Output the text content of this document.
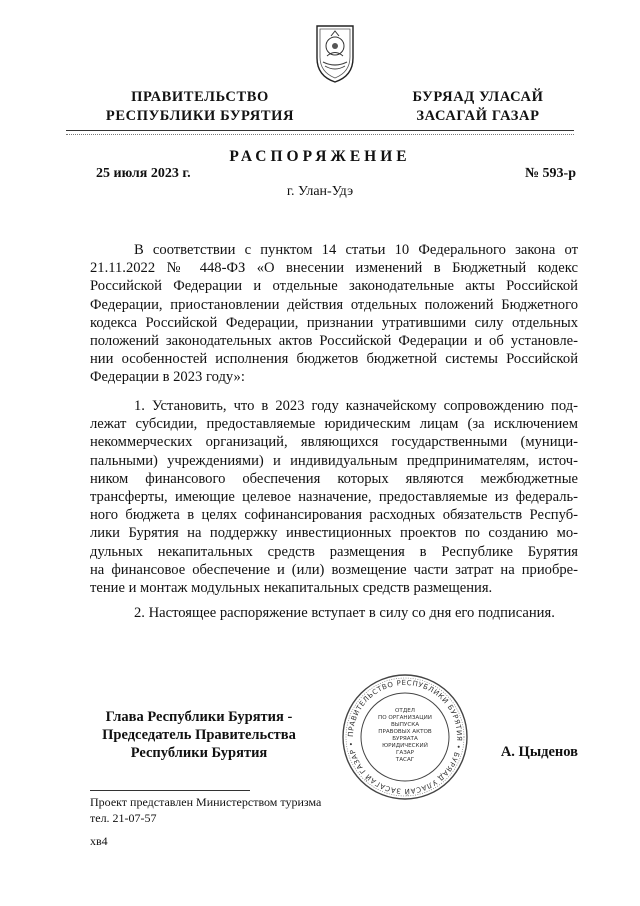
ПРАВИТЕЛЬСТВО
РЕСПУБЛИКИ БУРЯТИЯ
БУРЯАД УЛАСАЙ
ЗАСАГАЙ ГАЗАР
РАСПОРЯЖЕНИЕ
25 июля 2023 г.	№ 593-р
г. Улан-Удэ
В соответствии с пунктом 14 статьи 10 Федерального закона от
21.11.2022 № 448-ФЗ «О внесении изменений в Бюджетный кодекс
Российской Федерации и отдельные законодательные акты Российской
Федерации, приостановлении действия отдельных положений Бюджетного
кодекса Российской Федерации, признании утратившими силу отдельных
положений законодательных актов Российской Федерации и об установле-
нии особенностей исполнения бюджетов бюджетной системы Российской
Федерации в 2023 году»:
1. Установить, что в 2023 году казначейскому сопровождению под-
лежат субсидии, предоставляемые юридическим лицам (за исключением
некоммерческих организаций, являющихся государственными (муници-
пальными) учреждениями) и индивидуальным предпринимателям, источ-
ником финансового обеспечения которых являются межбюджетные
трансферты, имеющие целевое назначение, предоставляемые из федераль-
ного бюджета в целях софинансирования расходных обязательств Респуб-
лики Бурятия на поддержку инвестиционных проектов по созданию мо-
дульных некапитальных средств размещения в Республике Бурятия
на финансовое обеспечение и (или) возмещение части затрат на приобре-
тение и монтаж модульных некапитальных средств размещения.
2. Настоящее распоряжение вступает в силу со дня его подписания.
Глава Республики Бурятия -
Председатель Правительства
Республики Бурятия	А. Цыденов
ПРАВИТЕЛЬСТВО РЕСПУБЛИКИ БУРЯТИЯ • БУРЯАД УЛАСАЙ ЗАСАГАЙ ГАЗАР •
ОТДЕЛ
ПО ОРГАНИЗАЦИИ
ВЫПУСКА
ПРАВОВЫХ АКТОВ
БУРЯАТА
ЮРИДИЧЕСКИЙ
ГАЗАР
ТАСАГ
Проект представлен Министерством туризма
тел. 21-07-57
хв4
